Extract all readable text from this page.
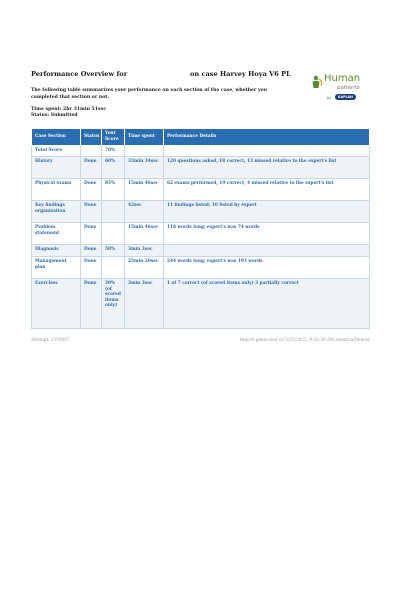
Performance Overview for	on case Harvey Hoya V6 PL	Human
patients
by	KAPLAN
The following table summarizes your performance on each section of the case, whether you completed that section or not.
Time spent: 2hr 31min 51sec
Status: Submitted
Case Section	Status	Your Score	Time spent	Performance Details
Total Score		70%		
History	Done	60%	33min 34sec	120 questions asked, 18 correct, 12 missed relative to the expert's list
Physical exams	Done	85%	15min 46sec	62 exams performed, 19 correct, 4 missed relative to the expert's list
Key findings organization	Done		42sec	11 findings listed; 10 listed by expert
Problem statement	Done		15min 46sec	118 words long; expert's was 74 words
Diagnosis	Done	50%	3min 3sec	
Management plan	Done		25min 20sec	244 words long; expert's was 193 words
Exercises	Done	39% (of scored items only)	3min 3sec	1 of 7 correct (of scored items only) 3 partially correct
Attempt: 2305067	Report generated on 5/25/2022, 9:52:30 AM America/Denver
